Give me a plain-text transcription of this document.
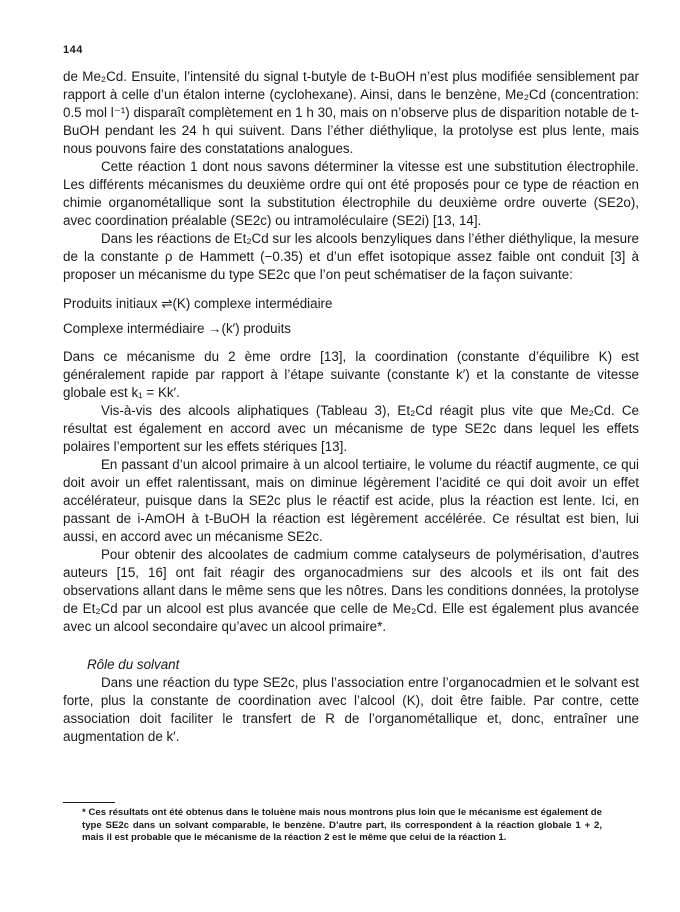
144

de Me₂Cd. Ensuite, l’intensité du signal t-butyle de t-BuOH n’est plus modifiée sensiblement par rapport à celle d’un étalon interne (cyclohexane). Ainsi, dans le benzène, Me₂Cd (concentration: 0.5 mol l⁻¹) disparaît complètement en 1 h 30, mais on n’observe plus de disparition notable de t-BuOH pendant les 24 h qui suivent. Dans l’éther diéthylique, la protolyse est plus lente, mais nous pouvons faire des constatations analogues.

Cette réaction 1 dont nous savons déterminer la vitesse est une substitution électrophile. Les différents mécanismes du deuxième ordre qui ont été proposés pour ce type de réaction en chimie organométallique sont la substitution électrophile du deuxième ordre ouverte (SE2o), avec coordination préalable (SE2c) ou intramoléculaire (SE2i) [13, 14].

Dans les réactions de Et₂Cd sur les alcools benzyliques dans l’éther diéthylique, la mesure de la constante ρ de Hammett (−0.35) et d’un effet isotopique assez faible ont conduit [3] à proposer un mécanisme du type SE2c que l’on peut schématiser de la façon suivante:

Produits initiaux ⇌(K) complexe intermédiaire

Complexe intermédiaire →(k′) produits

Dans ce mécanisme du 2 ème ordre [13], la coordination (constante d’équilibre K) est généralement rapide par rapport à l’étape suivante (constante k′) et la constante de vitesse globale est k₁ = Kk′.

Vis-à-vis des alcools aliphatiques (Tableau 3), Et₂Cd réagit plus vite que Me₂Cd. Ce résultat est également en accord avec un mécanisme de type SE2c dans lequel les effets polaires l’emportent sur les effets stériques [13].

En passant d’un alcool primaire à un alcool tertiaire, le volume du réactif augmente, ce qui doit avoir un effet ralentissant, mais on diminue légèrement l’acidité ce qui doit avoir un effet accélérateur, puisque dans la SE2c plus le réactif est acide, plus la réaction est lente. Ici, en passant de i-AmOH à t-BuOH la réaction est légèrement accélérée. Ce résultat est bien, lui aussi, en accord avec un mécanisme SE2c.

Pour obtenir des alcoolates de cadmium comme catalyseurs de polymérisation, d’autres auteurs [15, 16] ont fait réagir des organocadmiens sur des alcools et ils ont fait des observations allant dans le même sens que les nôtres. Dans les conditions données, la protolyse de Et₂Cd par un alcool est plus avancée que celle de Me₂Cd. Elle est également plus avancée avec un alcool secondaire qu’avec un alcool primaire*.

Rôle du solvant

Dans une réaction du type SE2c, plus l’association entre l’organocadmien et le solvant est forte, plus la constante de coordination avec l’alcool (K), doit être faible. Par contre, cette association doit faciliter le transfert de R de l’organométallique et, donc, entraîner une augmentation de k′.

* Ces résultats ont été obtenus dans le toluène mais nous montrons plus loin que le mécanisme est également de type SE2c dans un solvant comparable, le benzène. D’autre part, ils correspondent à la réaction globale 1 + 2, mais il est probable que le mécanisme de la réaction 2 est le même que celui de la réaction 1.
